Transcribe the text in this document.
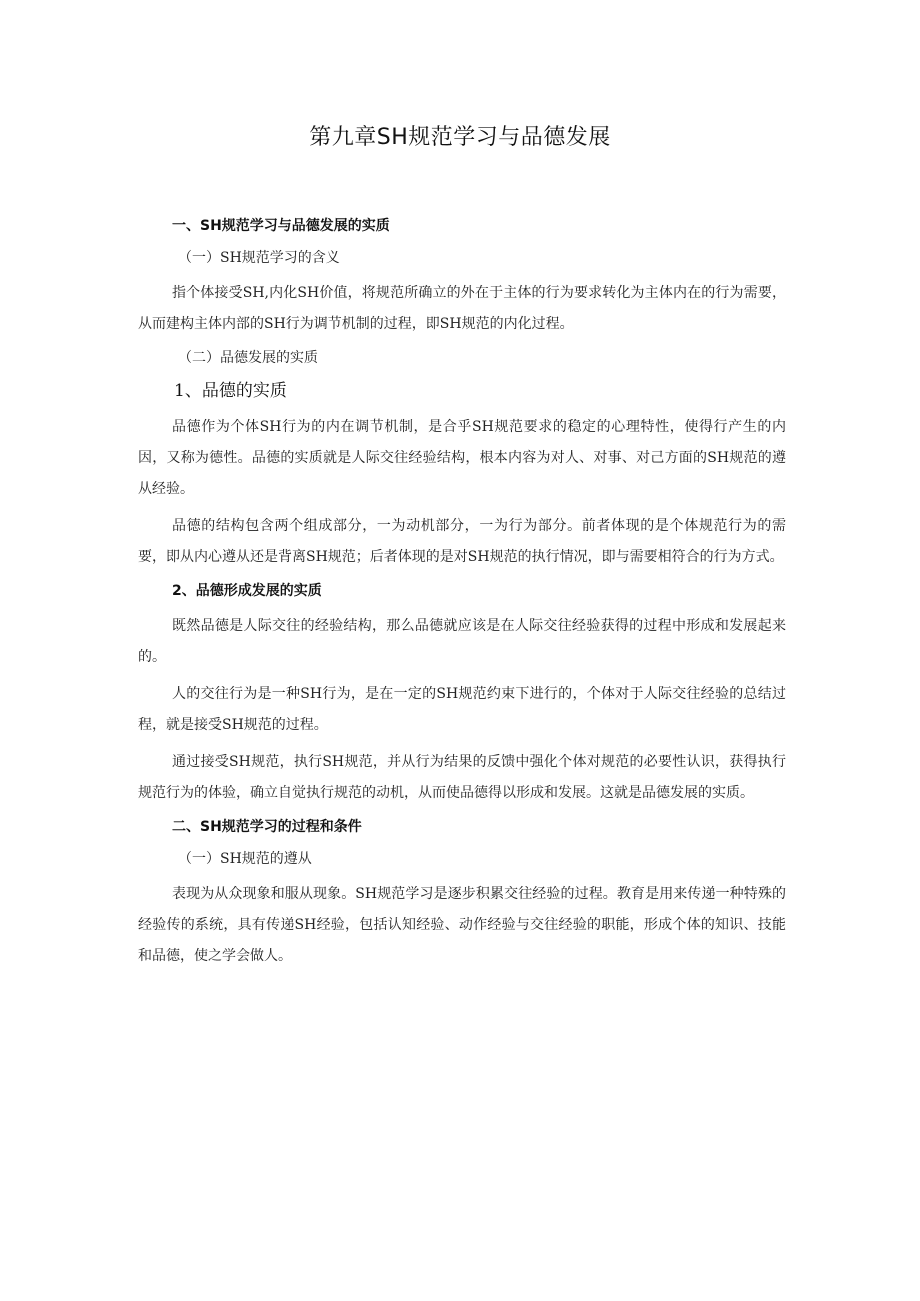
第九章SH规范学习与品德发展

一、SH规范学习与品德发展的实质

（一）SH规范学习的含义

指个体接受SH,内化SH价值，将规范所确立的外在于主体的行为要求转化为主体内在的行为需要，从而建构主体内部的SH行为调节机制的过程，即SH规范的内化过程。

（二）品德发展的实质

1、品德的实质

品德作为个体SH行为的内在调节机制，是合乎SH规范要求的稳定的心理特性，使得行产生的内因，又称为德性。品德的实质就是人际交往经验结构，根本内容为对人、对事、对己方面的SH规范的遵从经验。

品德的结构包含两个组成部分，一为动机部分，一为行为部分。前者体现的是个体规范行为的需要，即从内心遵从还是背离SH规范；后者体现的是对SH规范的执行情况，即与需要相符合的行为方式。

2、品德形成发展的实质

既然品德是人际交往的经验结构，那么品德就应该是在人际交往经验获得的过程中形成和发展起来的。

人的交往行为是一种SH行为，是在一定的SH规范约束下进行的，个体对于人际交往经验的总结过程，就是接受SH规范的过程。

通过接受SH规范，执行SH规范，并从行为结果的反馈中强化个体对规范的必要性认识，获得执行规范行为的体验，确立自觉执行规范的动机，从而使品德得以形成和发展。这就是品德发展的实质。

二、SH规范学习的过程和条件

（一）SH规范的遵从

表现为从众现象和服从现象。SH规范学习是逐步积累交往经验的过程。教育是用来传递一种特殊的经验传的系统，具有传递SH经验，包括认知经验、动作经验与交往经验的职能，形成个体的知识、技能和品德，使之学会做人。
